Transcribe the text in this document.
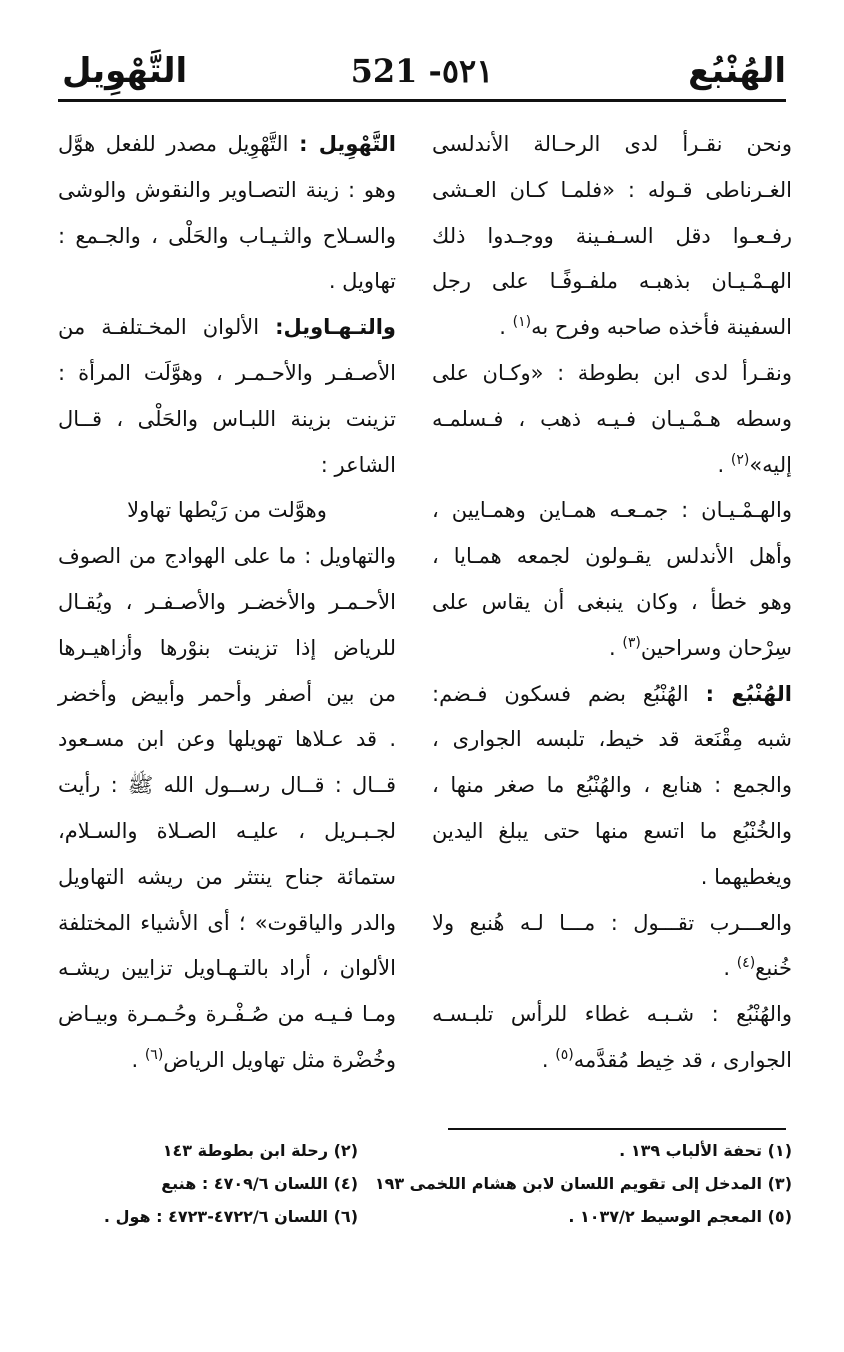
الهُنْبُع
521 -٥٢١
التَّهْوِيل

ونحن نقـرأ لدى الرحـالة الأندلسى

الغـرناطى قـوله : «فلمـا كـان العـشى

رفـعـوا دقل السـفـينة ووجـدوا ذلك

الهـمْـيـان بذهبـه ملفـوفًـا على رجل

السفينة فأخذه صاحبه وفرح به$^{(١)}$ .

ونقـرأ لدى ابن بطوطة : «وكـان على

وسطه هـمْـيـان فـيـه ذهب ، فـسلمـه

إليه»$^{(٢)}$ .

والهـمْـيـان : جمـعـه همـاين وهمـايين ،

وأهل الأندلس يقـولون لجمعه همـايا ،

وهو خطأ ، وكان ينبغى أن يقاس على

سِرْحان وسراحين$^{(٣)}$ .

الهُنْبُع : الهُنْبُع بضم فسكون فـضم:

شبه مِقْنَعة قد خيط، تلبسه الجوارى ،

والجمع : هنابع ، والهُنْبُع ما صغر منها ،

والخُنْبُع ما اتسع منها حتى يبلغ اليدين

ويغطيهما .

والعـــرب تقـــول : مـــا لـه هُنبع ولا

خُنبع$^{(٤)}$ .

والهُنْبُع : شـبـه غطاء للرأس تلبـسـه

الجوارى ، قد خِيط مُقدَّمه$^{(٥)}$ .

التَّهْوِيل : التَّهْوِيل مصدر للفعل هوَّل

وهو : زينة التصـاوير والنقوش والوشى

والسـلاح والثـيـاب والحَلْى ، والجـمع :

تهاويل .

والتـهـاويل: الألوان المخـتلفـة من

الأصـفـر والأحـمـر ، وهوَّلَت المرأة :

تزينت بزينة اللبـاس والحَلْى ، قــال

الشاعر :

وهوَّلت من رَيْطها تهاولا

والتهاويل : ما على الهوادج من الصوف

الأحـمـر والأخضـر والأصـفـر ، ويُقـال

للرياض إذا تزينت بنوْرها وأزاهيـرها

من بين أصفر وأحمر وأبيض وأخضر

. قد عـلاها تهويلها وعن ابن مسـعود

قــال : قــال رســول الله ﷺ : رأيت

لجـبـريل ، عليـه الصـلاة والسـلام،

ستمائة جناح ينتثر من ريشه التهاويل

والدر والياقوت» ؛ أى الأشياء المختلفة

الألوان ، أراد بالتـهـاويل تزايين ريشـه

ومـا فـيـه من صُـفْـرة وحُـمـرة وبيـاض

وخُضْرة مثل تهاويل الرياض$^{(٦)}$ .

(١) تحفة الألباب ١٣٩ .
(٣) المدخل إلى تقويم اللسان لابن هشام اللخمى ١٩٣
(٥) المعجم الوسيط ١٠٣٧/٢ .
(٢) رحلة ابن بطوطة ١٤٣
(٤) اللسان ٤٧٠٩/٦ : هنبع
(٦) اللسان ٤٧٢٢/٦-٤٧٢٣ : هول .
